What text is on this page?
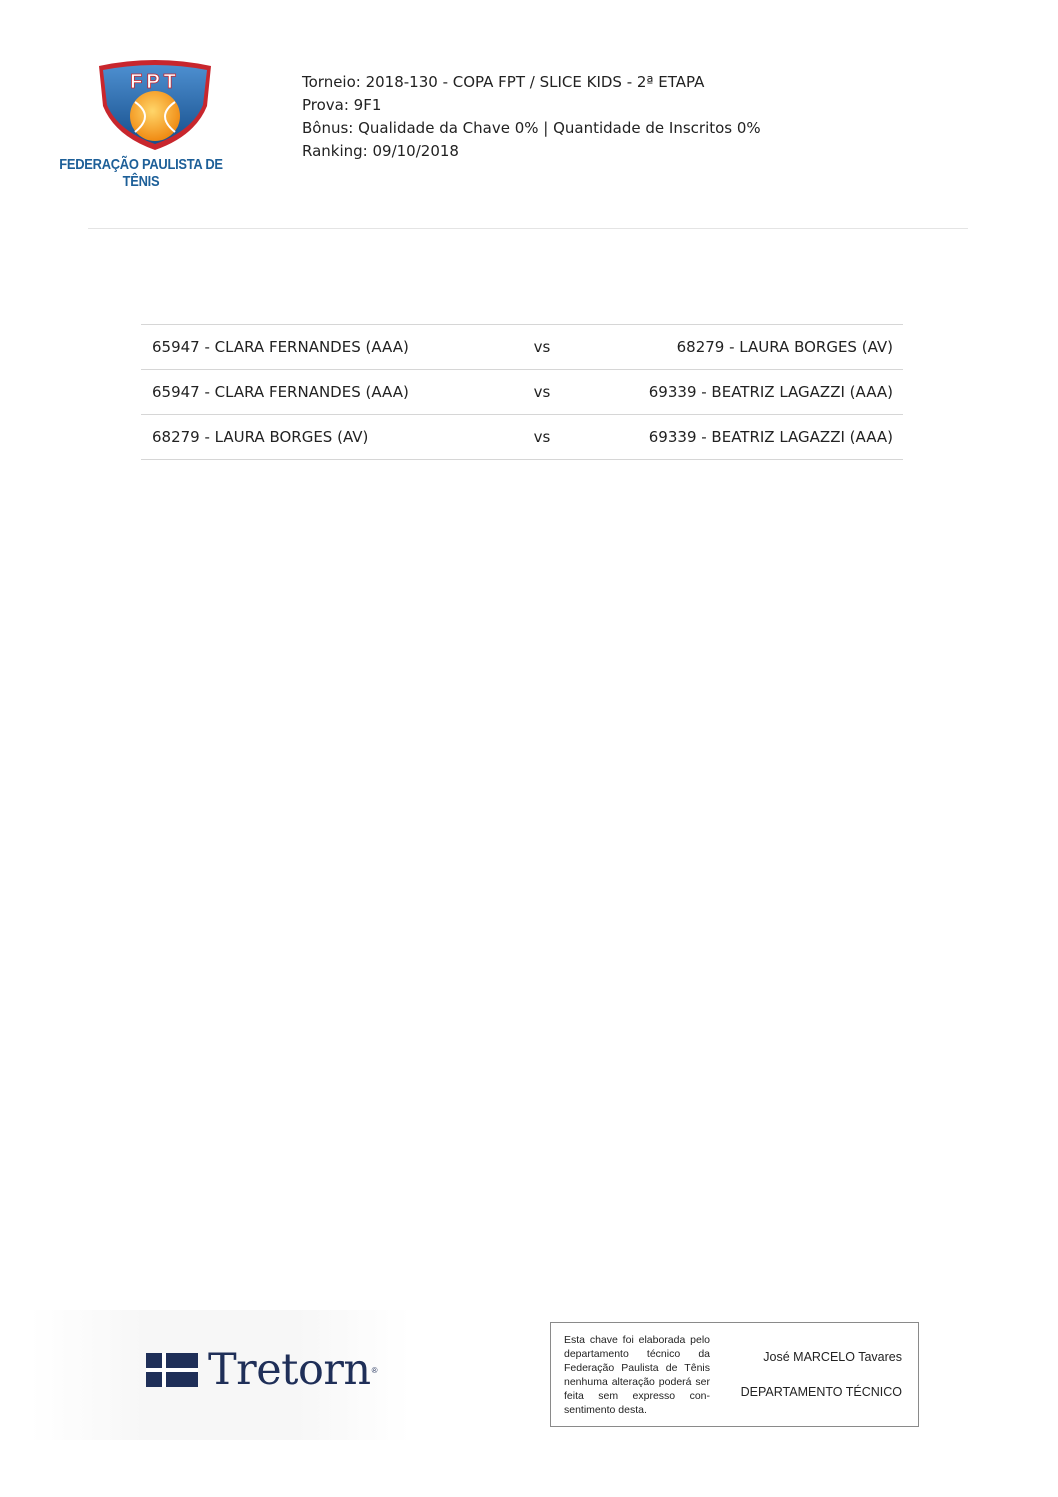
FPT
FEDERAÇÃO PAULISTA DE TÊNIS
Torneio: 2018-130 - COPA FPT / SLICE KIDS - 2ª ETAPA
Prova: 9F1
Bônus: Qualidade da Chave 0% | Quantidade de Inscritos 0%
Ranking: 09/10/2018
65947 - CLARA FERNANDES (AAA)	vs	68279 - LAURA BORGES (AV)
65947 - CLARA FERNANDES (AAA)	vs	69339 - BEATRIZ LAGAZZI (AAA)
68279 - LAURA BORGES (AV)	vs	69339 - BEATRIZ LAGAZZI (AAA)
Tretorn ®
Esta chave foi elaborada pelo departamento técnico da Federação Paulista de Tênis nenhuma alteração poderá ser feita sem expresso con-sentimento desta.
José MARCELO Tavares
DEPARTAMENTO TÉCNICO
